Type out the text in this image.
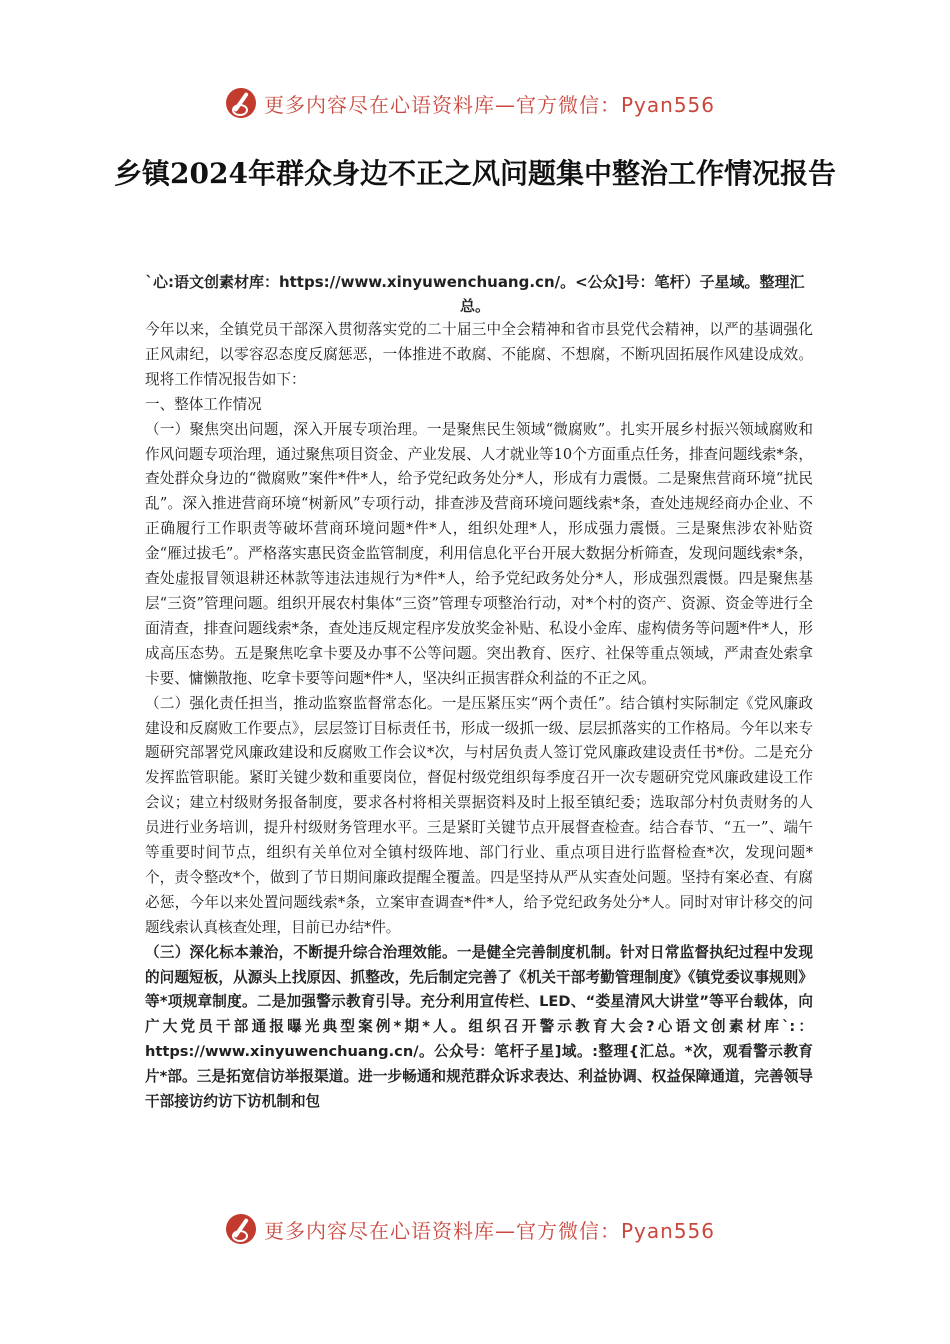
更多内容尽在心语资料库—官方微信：Pyan556
乡镇2024年群众身边不正之风问题集中整治工作情况报告
`心:语文创素材库：https://www.xinyuwenchuang.cn/。<公众]号：笔杆）子星域。整理汇总。

今年以来，全镇党员干部深入贯彻落实党的二十届三中全会精神和省市县党代会精神，以严的基调强化正风肃纪，以零容忍态度反腐惩恶，一体推进不敢腐、不能腐、不想腐，不断巩固拓展作风建设成效。现将工作情况报告如下：

一、整体工作情况

（一）聚焦突出问题，深入开展专项治理。一是聚焦民生领域“微腐败”。扎实开展乡村振兴领域腐败和作风问题专项治理，通过聚焦项目资金、产业发展、人才就业等10个方面重点任务，排查问题线索*条，查处群众身边的“微腐败”案件*件*人，给予党纪政务处分*人，形成有力震慑。二是聚焦营商环境“扰民乱”。深入推进营商环境“树新风”专项行动，排查涉及营商环境问题线索*条，查处违规经商办企业、不正确履行工作职责等破坏营商环境问题*件*人，组织处理*人，形成强力震慑。三是聚焦涉农补贴资金“雁过拔毛”。严格落实惠民资金监管制度，利用信息化平台开展大数据分析筛查，发现问题线索*条，查处虚报冒领退耕还林款等违法违规行为*件*人，给予党纪政务处分*人，形成强烈震慑。四是聚焦基层“三资”管理问题。组织开展农村集体“三资”管理专项整治行动，对*个村的资产、资源、资金等进行全面清查，排查问题线索*条，查处违反规定程序发放奖金补贴、私设小金库、虚构债务等问题*件*人，形成高压态势。五是聚焦吃拿卡要及办事不公等问题。突出教育、医疗、社保等重点领域，严肃查处索拿卡要、慵懒散拖、吃拿卡要等问题*件*人，坚决纠正损害群众利益的不正之风。

（二）强化责任担当，推动监察监督常态化。一是压紧压实“两个责任”。结合镇村实际制定《党风廉政建设和反腐败工作要点》，层层签订目标责任书，形成一级抓一级、层层抓落实的工作格局。今年以来专题研究部署党风廉政建设和反腐败工作会议*次，与村居负责人签订党风廉政建设责任书*份。二是充分发挥监管职能。紧盯关键少数和重要岗位，督促村级党组织每季度召开一次专题研究党风廉政建设工作会议；建立村级财务报备制度，要求各村将相关票据资料及时上报至镇纪委；选取部分村负责财务的人员进行业务培训，提升村级财务管理水平。三是紧盯关键节点开展督查检查。结合春节、“五一”、端午等重要时间节点，组织有关单位对全镇村级阵地、部门行业、重点项目进行监督检查*次，发现问题*个，责令整改*个，做到了节日期间廉政提醒全覆盖。四是坚持从严从实查处问题。坚持有案必查、有腐必惩，今年以来处置问题线索*条，立案审查调查*件*人，给予党纪政务处分*人。同时对审计移交的问题线索认真核查处理，目前已办结*件。

（三）深化标本兼治，不断提升综合治理效能。一是健全完善制度机制。针对日常监督执纪过程中发现的问题短板，从源头上找原因、抓整改，先后制定完善了《机关干部考勤管理制度》《镇党委议事规则》等*项规章制度。二是加强警示教育引导。充分利用宣传栏、LED、“娄星清风大讲堂”等平台载体，向广大党员干部通报曝光典型案例*期*人。组织召开警示教育大会?心语文创素材库`:：https://www.xinyuwenchuang.cn/。公众号：笔杆子星]域。:整理{汇总。*次，观看警示教育片*部。三是拓宽信访举报渠道。进一步畅通和规范群众诉求表达、利益协调、权益保障通道，完善领导干部接访约访下访机制和包

更多内容尽在心语资料库—官方微信：Pyan556
